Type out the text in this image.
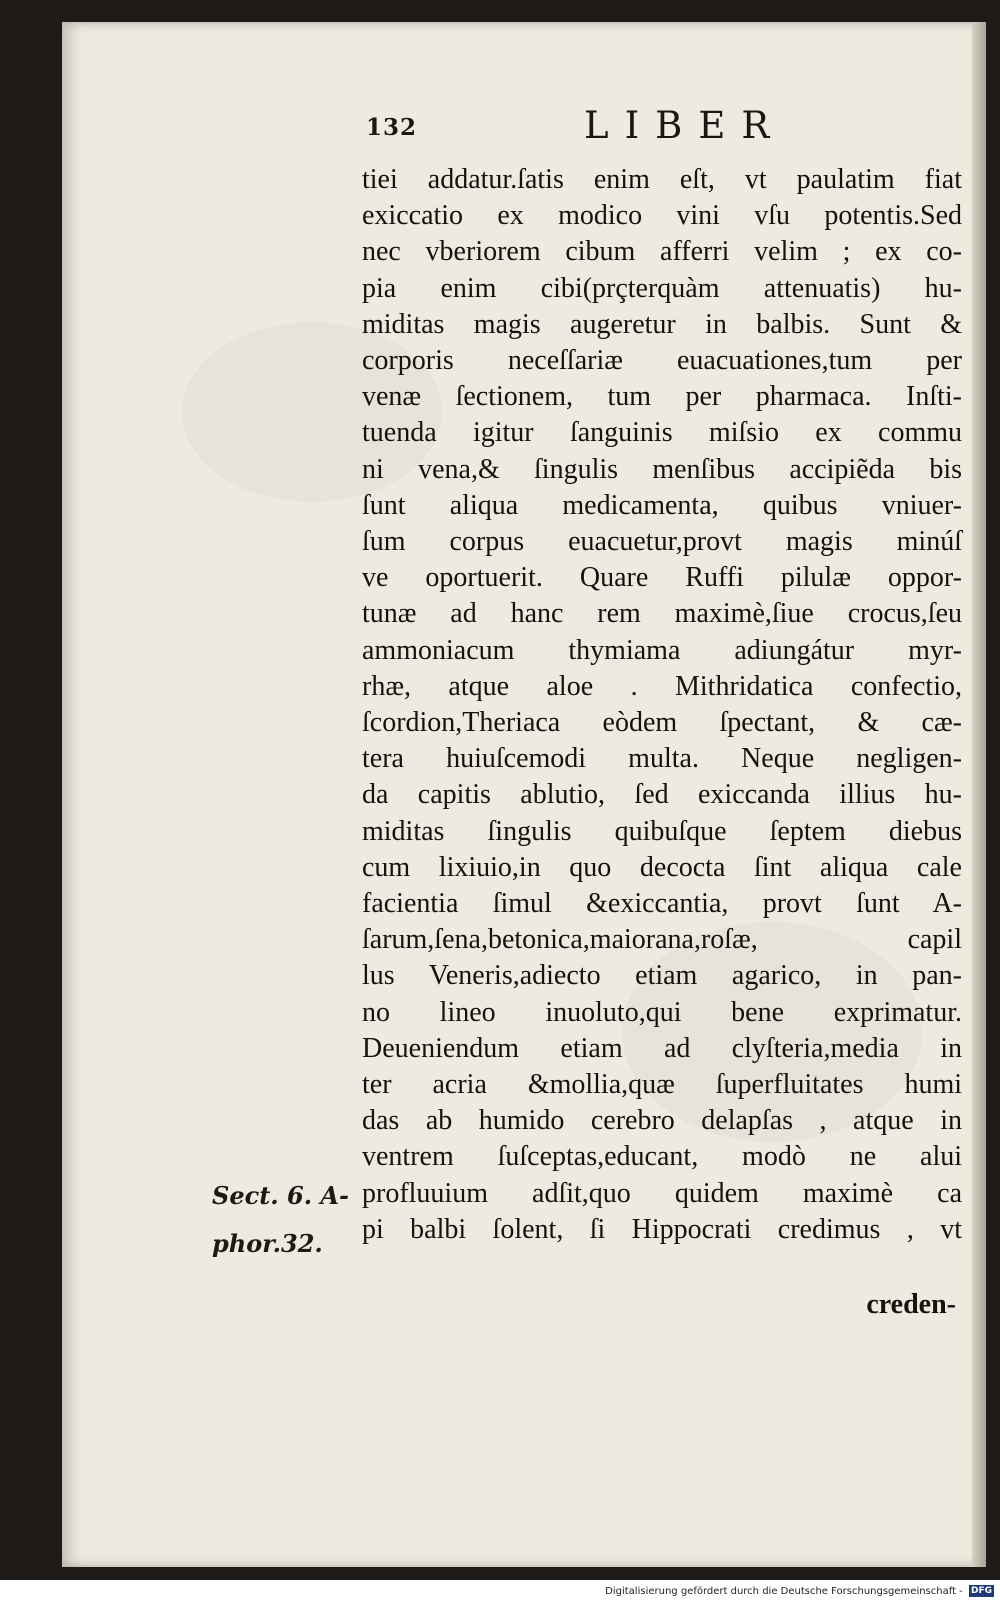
132	LIBER
tiei addatur.ſatis enim eſt, vt paulatim fiat
exiccatio ex modico vini vſu potentis.Sed
nec vberiorem cibum afferri velim ; ex co-
pia enim cibi(prçterquàm attenuatis) hu-
miditas magis augeretur in balbis. Sunt &
corporis neceſſariæ euacuationes,tum per
venæ ſectionem, tum per pharmaca. Inſti-
tuenda igitur ſanguinis miſsio ex commu
ni vena,& ſingulis menſibus accipiẽda bis
ſunt aliqua medicamenta, quibus vniuer-
ſum corpus euacuetur,provt magis minúſ
ve oportuerit. Quare Ruffi pilulæ oppor-
tunæ ad hanc rem maximè,ſiue crocus,ſeu
ammoniacum thymiama adiungátur myr-
rhæ, atque aloe . Mithridatica confectio,
ſcordion,Theriaca eòdem ſpectant, & cæ-
tera huiuſcemodi multa. Neque negligen-
da capitis ablutio, ſed exiccanda illius hu-
miditas ſingulis quibuſque ſeptem diebus
cum lixiuio,in quo decocta ſint aliqua cale
facientia ſimul &exiccantia, provt ſunt A-
ſarum,ſena,betonica,maiorana,roſæ, capil
lus Veneris,adiecto etiam agarico, in pan-
no lineo inuoluto,qui bene exprimatur.
Deueniendum etiam ad clyſteria,media in
ter acria &mollia,quæ ſuperfluitates humi
das ab humido cerebro delapſas , atque in
ventrem ſuſceptas,educant, modò ne alui
profluuium adſit,quo quidem maximè ca
pi balbi ſolent, ſi Hippocrati credimus , vt
creden-
Sect. 6. A-
phor.32.
Digitalisierung gefördert durch die Deutsche Forschungsgemeinschaft - DFG
